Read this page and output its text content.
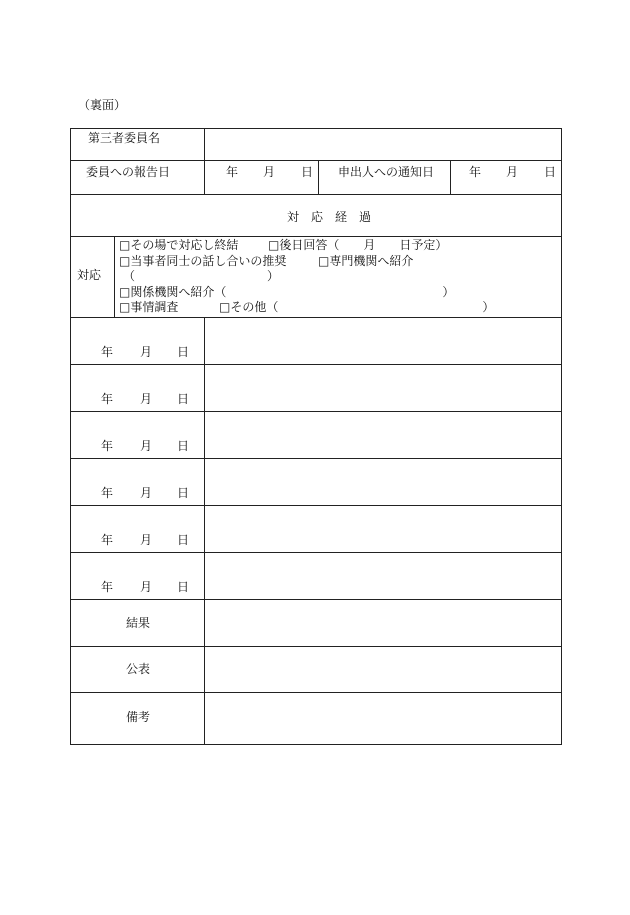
（裏面）
第三者委員名
委員への報告日	年 月 日 申出人への通知日	年 月 日
対　応　経　過
対応
□その場で対応し終結 □後日回答（　　月　　日予定）
□当事者同士の話し合いの推奨	□専門機関へ紹介
（　　　　　　　　　　　）
□関係機関へ紹介（　　　　　　　　　　　　　　　　　　）
□事情調査	□その他（　　　　　　　　　　　　　　　　　）
年 月 日
年 月 日
年 月 日
年 月 日
年 月 日
年 月 日
結果
公表
備考
